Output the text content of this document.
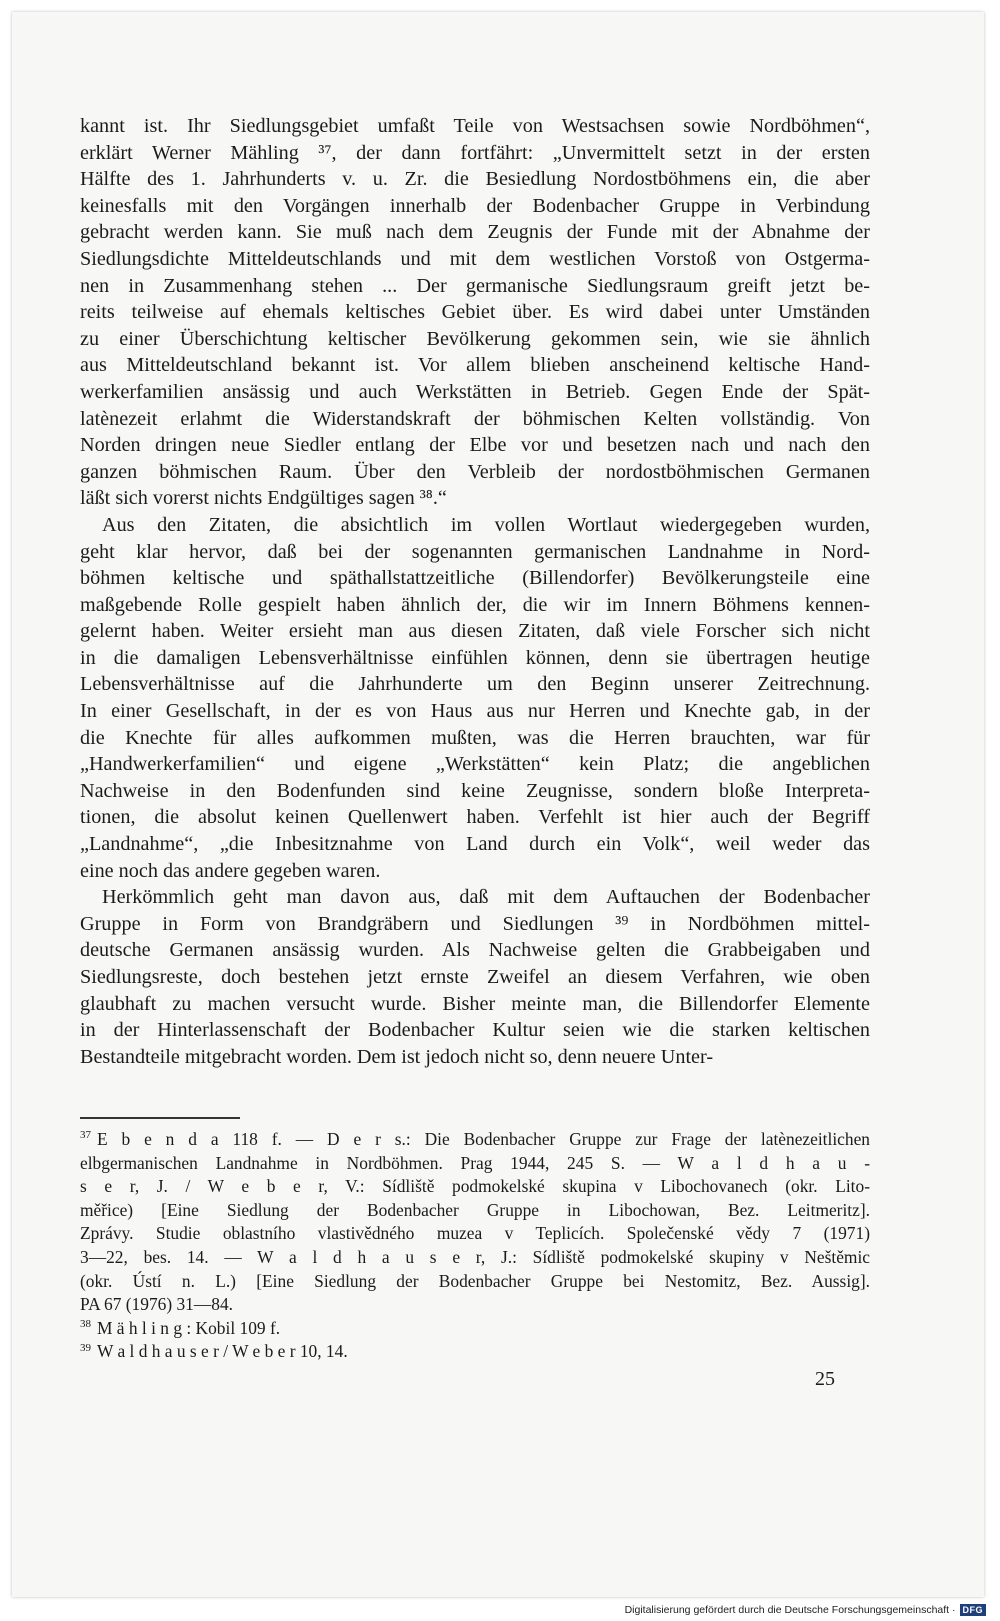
kannt ist. Ihr Siedlungsgebiet umfaßt Teile von Westsachsen sowie Nordböhmen“,
erklärt Werner Mähling ³⁷, der dann fortfährt: „Unvermittelt setzt in der ersten
Hälfte des 1. Jahrhunderts v. u. Zr. die Besiedlung Nordostböhmens ein, die aber
keinesfalls mit den Vorgängen innerhalb der Bodenbacher Gruppe in Verbindung
gebracht werden kann. Sie muß nach dem Zeugnis der Funde mit der Abnahme der
Siedlungsdichte Mitteldeutschlands und mit dem westlichen Vorstoß von Ostgerma-
nen in Zusammenhang stehen ... Der germanische Siedlungsraum greift jetzt be-
reits teilweise auf ehemals keltisches Gebiet über. Es wird dabei unter Umständen
zu einer Überschichtung keltischer Bevölkerung gekommen sein, wie sie ähnlich
aus Mitteldeutschland bekannt ist. Vor allem blieben anscheinend keltische Hand-
werkerfamilien ansässig und auch Werkstätten in Betrieb. Gegen Ende der Spät-
latènezeit erlahmt die Widerstandskraft der böhmischen Kelten vollständig. Von
Norden dringen neue Siedler entlang der Elbe vor und besetzen nach und nach den
ganzen böhmischen Raum. Über den Verbleib der nordostböhmischen Germanen
läßt sich vorerst nichts Endgültiges sagen ³⁸.“
Aus den Zitaten, die absichtlich im vollen Wortlaut wiedergegeben wurden,
geht klar hervor, daß bei der sogenannten germanischen Landnahme in Nord-
böhmen keltische und späthallstattzeitliche (Billendorfer) Bevölkerungsteile eine
maßgebende Rolle gespielt haben ähnlich der, die wir im Innern Böhmens kennen-
gelernt haben. Weiter ersieht man aus diesen Zitaten, daß viele Forscher sich nicht
in die damaligen Lebensverhältnisse einfühlen können, denn sie übertragen heutige
Lebensverhältnisse auf die Jahrhunderte um den Beginn unserer Zeitrechnung.
In einer Gesellschaft, in der es von Haus aus nur Herren und Knechte gab, in der
die Knechte für alles aufkommen mußten, was die Herren brauchten, war für
„Handwerkerfamilien“ und eigene „Werkstätten“ kein Platz; die angeblichen
Nachweise in den Bodenfunden sind keine Zeugnisse, sondern bloße Interpreta-
tionen, die absolut keinen Quellenwert haben. Verfehlt ist hier auch der Begriff
„Landnahme“, „die Inbesitznahme von Land durch ein Volk“, weil weder das
eine noch das andere gegeben waren.
Herkömmlich geht man davon aus, daß mit dem Auftauchen der Bodenbacher
Gruppe in Form von Brandgräbern und Siedlungen ³⁹ in Nordböhmen mittel-
deutsche Germanen ansässig wurden. Als Nachweise gelten die Grabbeigaben und
Siedlungsreste, doch bestehen jetzt ernste Zweifel an diesem Verfahren, wie oben
glaubhaft zu machen versucht wurde. Bisher meinte man, die Billendorfer Elemente
in der Hinterlassenschaft der Bodenbacher Kultur seien wie die starken keltischen
Bestandteile mitgebracht worden. Dem ist jedoch nicht so, denn neuere Unter-
$^{37}$ E b e n d a 118 f. — D e r s.: Die Bodenbacher Gruppe zur Frage der latènezeitlichen
elbgermanischen Landnahme in Nordböhmen. Prag 1944, 245 S. — W a l d h a u -
s e r, J. / W e b e r, V.: Sídliště podmokelské skupina v Libochovanech (okr. Lito-
měřice) [Eine Siedlung der Bodenbacher Gruppe in Libochowan, Bez. Leitmeritz].
Zprávy. Studie oblastního vlastivědného muzea v Teplicích. Společenské vědy 7 (1971)
3—22, bes. 14. — W a l d h a u s e r, J.: Sídliště podmokelské skupiny v Neštěmic
(okr. Ústí n. L.) [Eine Siedlung der Bodenbacher Gruppe bei Nestomitz, Bez. Aussig].
PA 67 (1976) 31—84.
$^{38}$ M ä h l i n g : Kobil 109 f.
$^{39}$ W a l d h a u s e r / W e b e r 10, 14.
25
Digitalisierung gefördert durch die Deutsche Forschungsgemeinschaft · DFG
